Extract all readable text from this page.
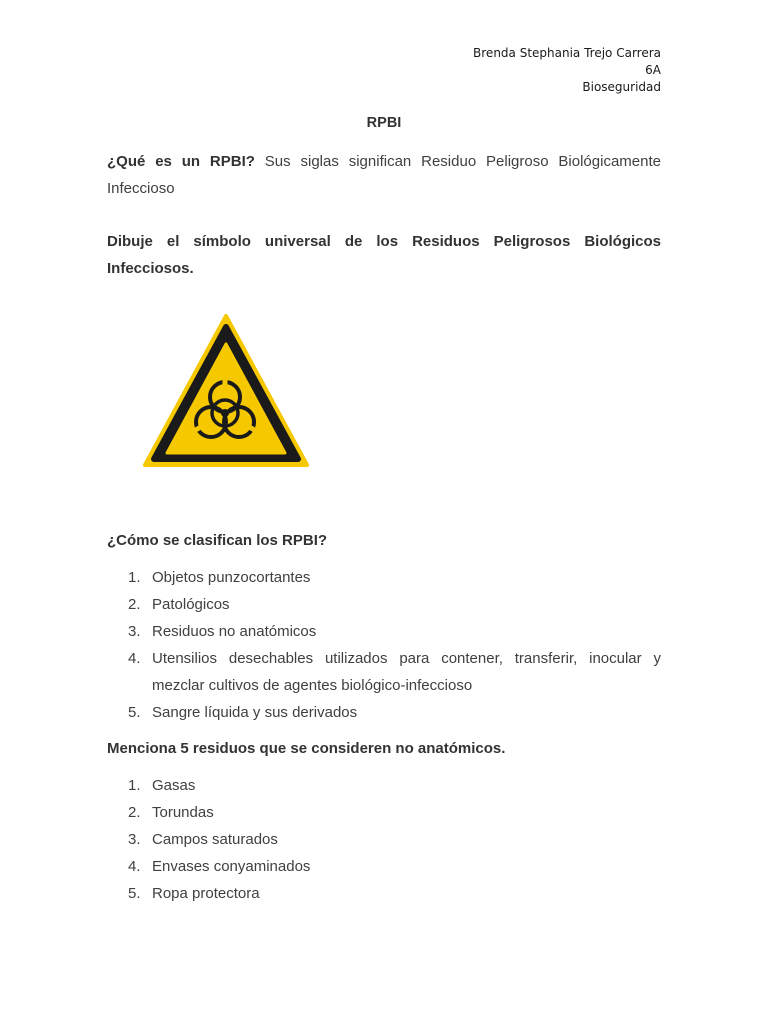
Brenda Stephania Trejo Carrera
6A
Bioseguridad
RPBI
¿Qué es un RPBI? Sus siglas significan Residuo Peligroso Biológicamente Infeccioso
Dibuje el símbolo universal de los Residuos Peligrosos Biológicos Infecciosos.
¿Cómo se clasifican los RPBI?
1. Objetos punzocortantes
2. Patológicos
3. Residuos no anatómicos
4. Utensilios desechables utilizados para contener, transferir, inocular y mezclar cultivos de agentes biológico-infeccioso
5. Sangre líquida y sus derivados
Menciona 5 residuos que se consideren no anatómicos.
1. Gasas
2. Torundas
3. Campos saturados
4. Envases conyaminados
5. Ropa protectora
